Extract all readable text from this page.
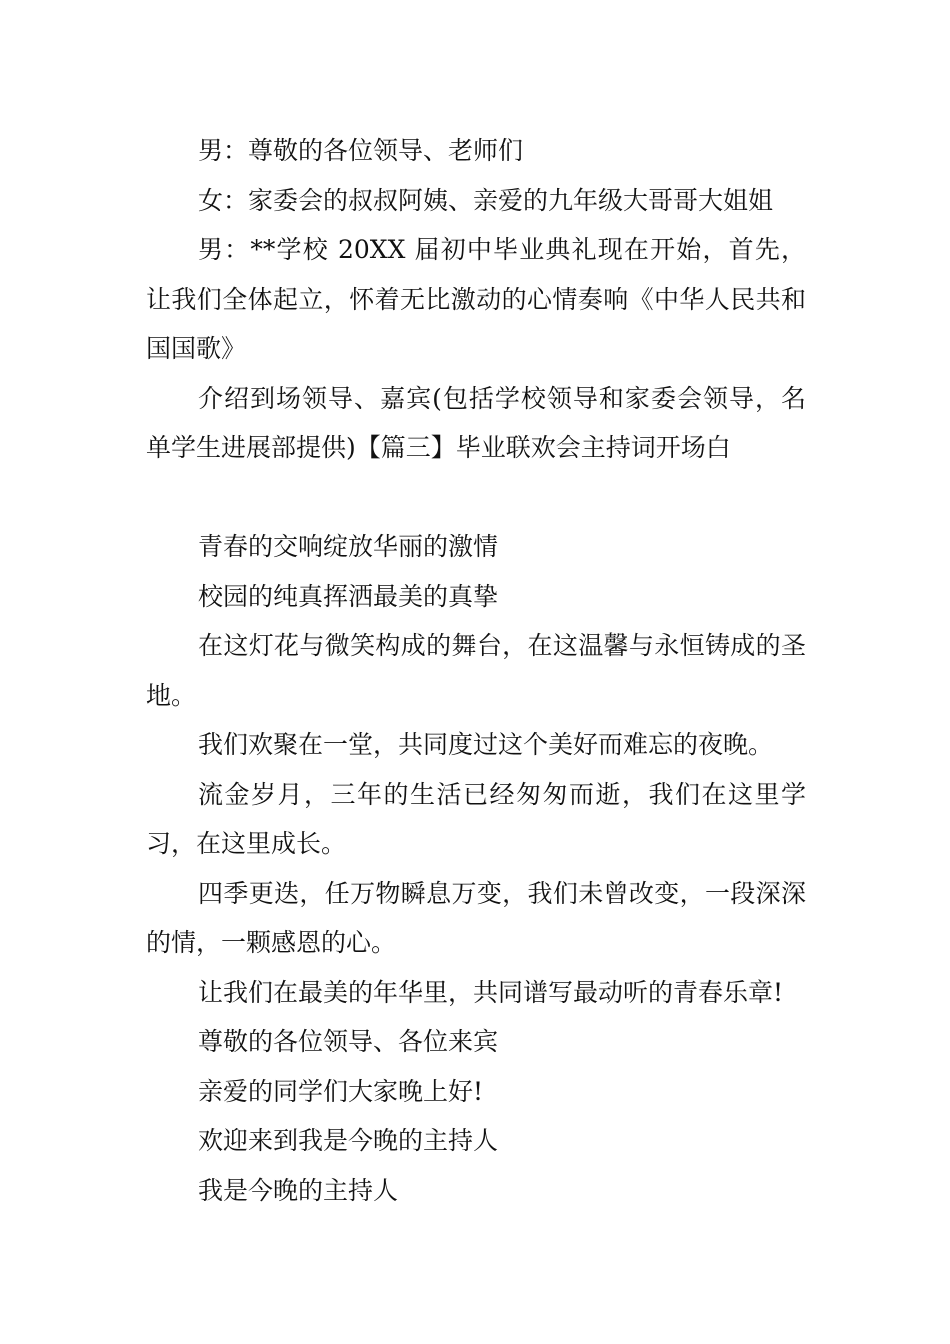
男：尊敬的各位领导、老师们

女：家委会的叔叔阿姨、亲爱的九年级大哥哥大姐姐

男：**学校 20XX 届初中毕业典礼现在开始，首先，让我们全体起立，怀着无比激动的心情奏响《中华人民共和国国歌》

介绍到场领导、嘉宾(包括学校领导和家委会领导，名单学生进展部提供)【篇三】毕业联欢会主持词开场白

青春的交响绽放华丽的激情

校园的纯真挥洒最美的真挚

在这灯花与微笑构成的舞台，在这温馨与永恒铸成的圣地。

我们欢聚在一堂，共同度过这个美好而难忘的夜晚。

流金岁月，三年的生活已经匆匆而逝，我们在这里学习，在这里成长。

四季更迭，任万物瞬息万变，我们未曾改变，一段深深的情，一颗感恩的心。

让我们在最美的年华里，共同谱写最动听的青春乐章!

尊敬的各位领导、各位来宾

亲爱的同学们大家晚上好!

欢迎来到我是今晚的主持人

我是今晚的主持人
